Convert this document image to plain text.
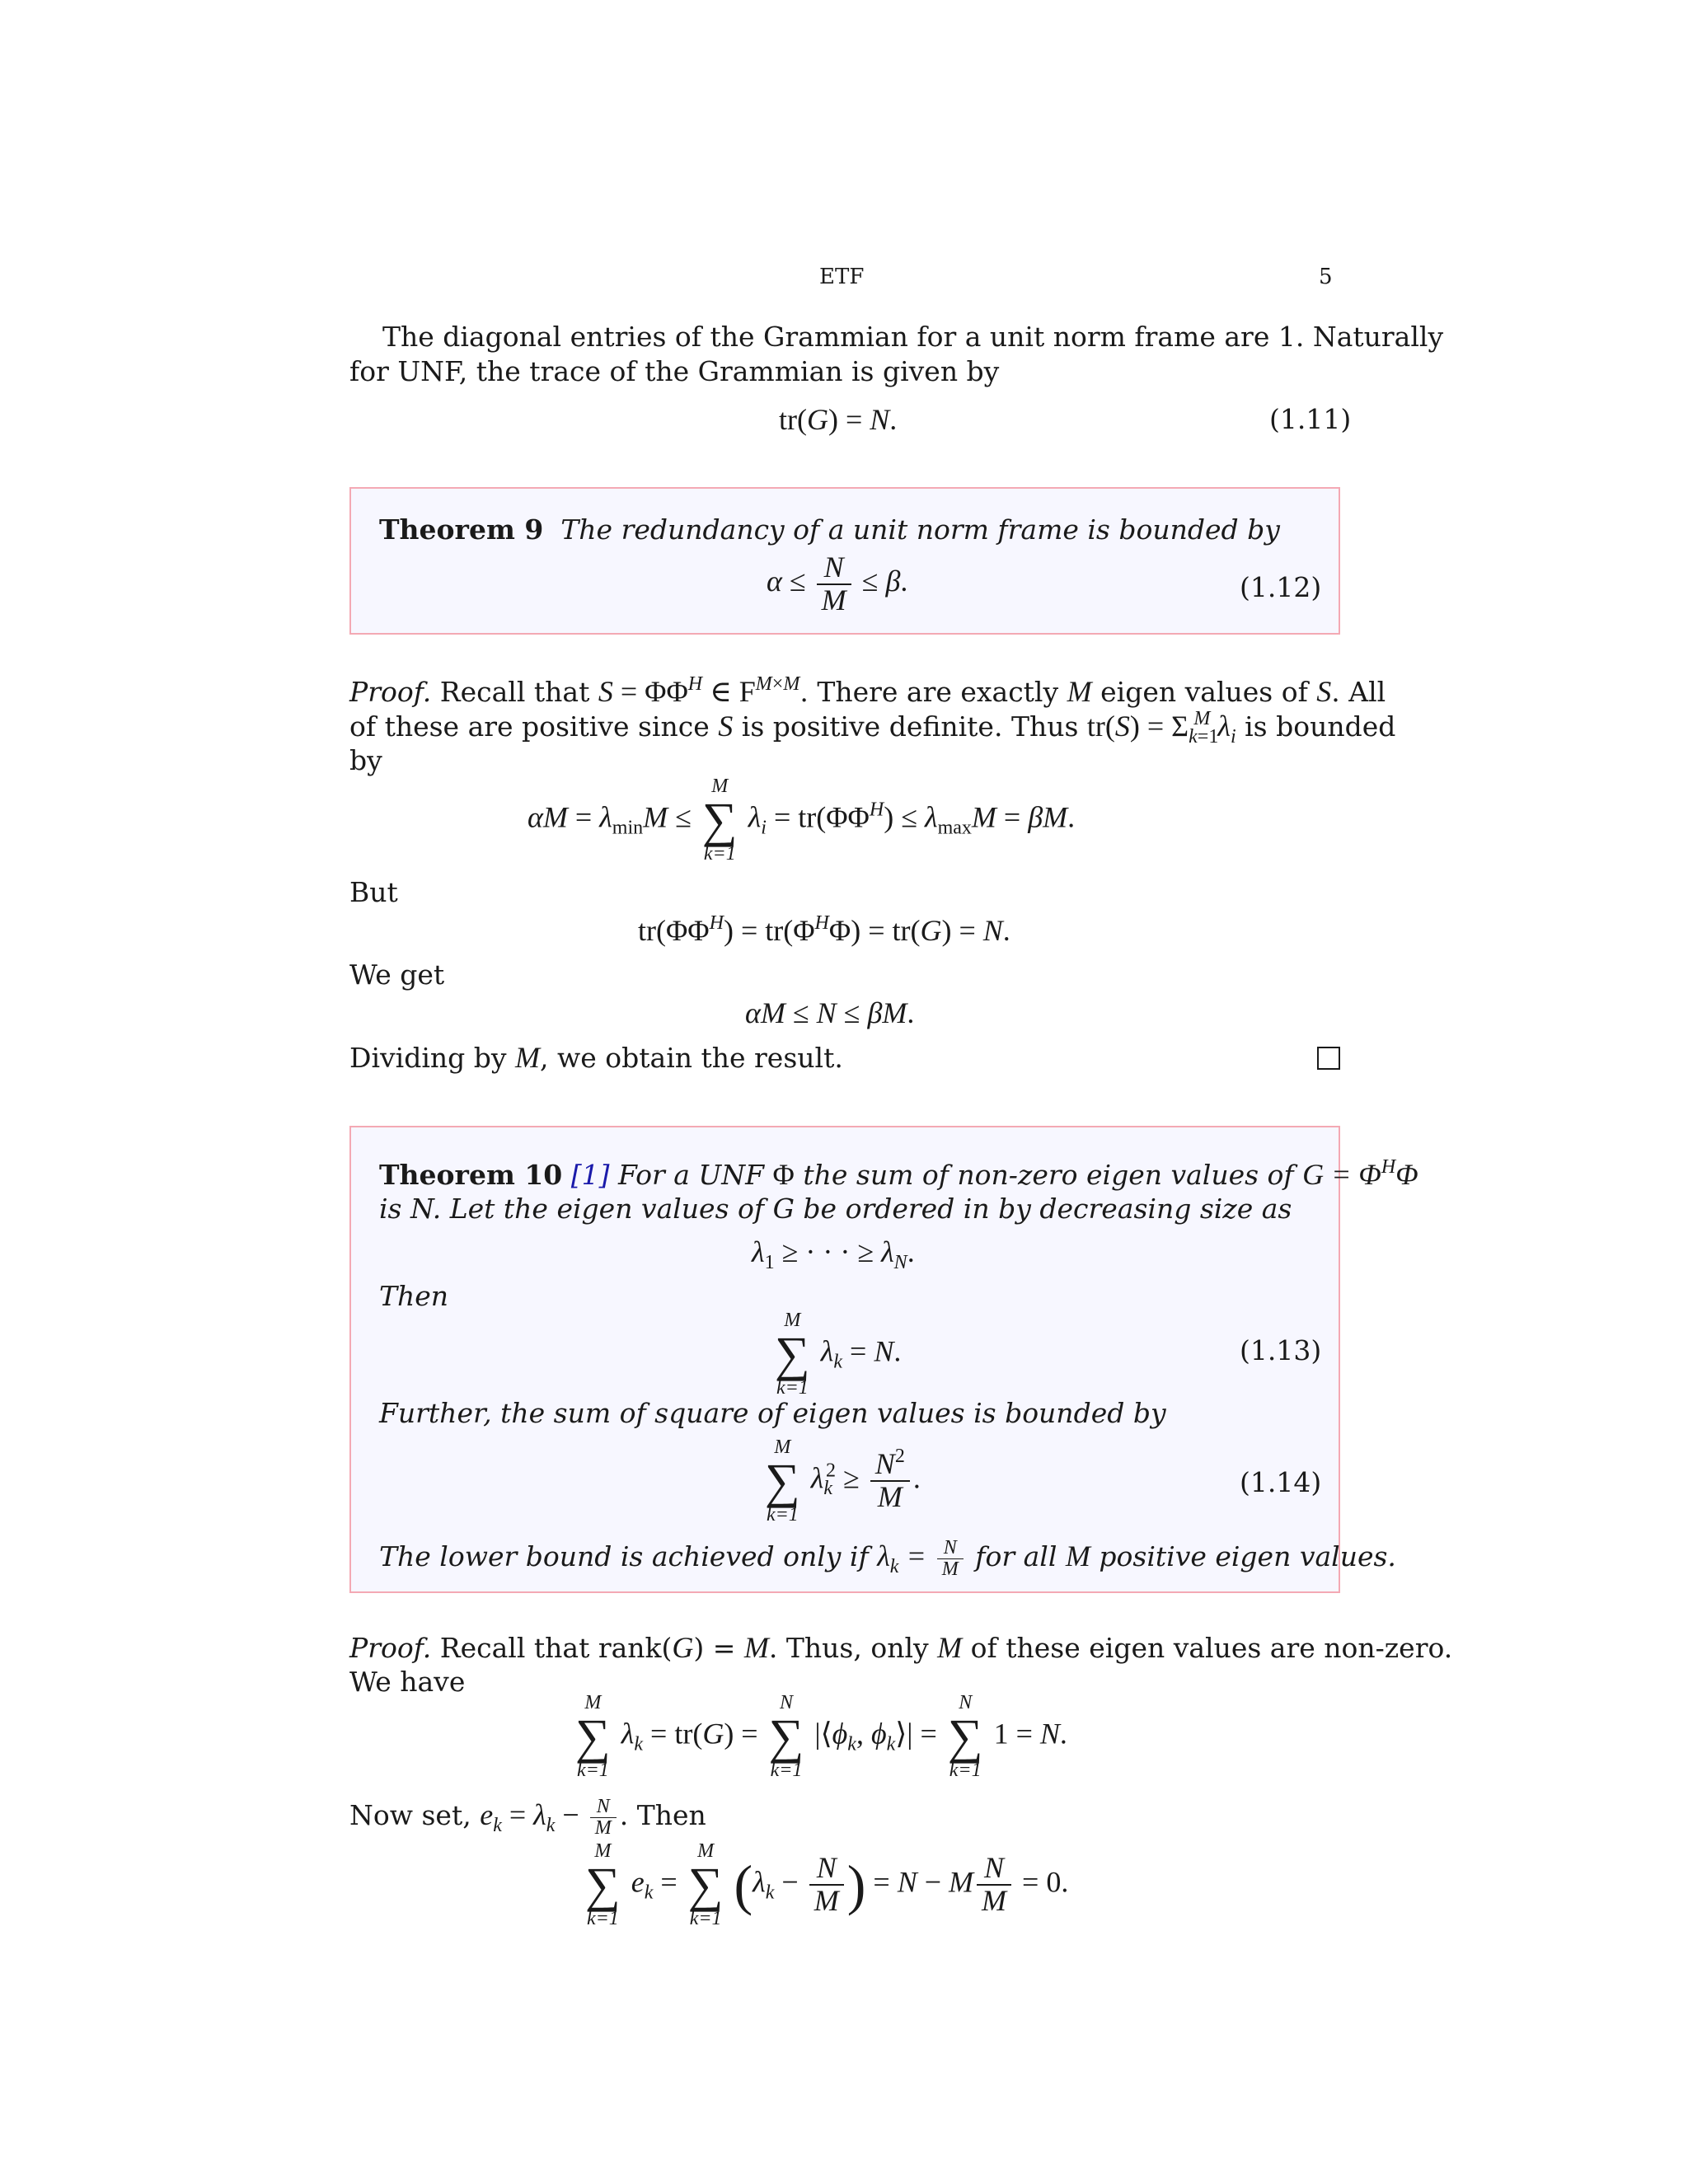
ETF	5
The diagonal entries of the Grammian for a unit norm frame are 1. Naturally
for UNF, the trace of the Grammian is given by
tr(G) = N.	(1.11)
Theorem 9 The redundancy of a unit norm frame is bounded by
$\alpha \le \frac{N}{M} \le \beta$.	(1.12)
Proof. Recall that $S = \Phi\Phi^H$ ∈ $F^{M\times M}$. There are exactly M eigen values of S. All
of these are positive since S is positive definite. Thus $tr(S) = \Sigma_{k=1}^M$ $\lambda_i$ is bounded
by
$\alpha M = \lambda_{min}M$ ≤
M
∑
k=1
$\lambda_i = tr(\Phi\Phi^H) \le \lambda_{max}M = \beta M$.
But
$tr(\Phi\Phi^H) = tr(\Phi^H\Phi) = tr(G) = N$.
We get
αM ≤ N ≤ βM.
Dividing by M, we obtain the result.
Theorem 10 [1] For a UNF Φ the sum of non-zero eigen values of $G = \Phi^H\Phi$
is N. Let the eigen values of G be ordered in by decreasing size as
$\lambda_1$ ≥ · · · ≥ $\lambda_N$.
Then
M
∑
k=1
$\lambda_k = N$.	(1.13)
Further, the sum of square of eigen values is bounded by
M
∑
k=1
$\lambda_k^2 \ge \frac{N^2}{M}$ .	(1.14)
The lower bound is achieved only if $\lambda_k = \frac{N}{M}$ for all M positive eigen values.
Proof. Recall that rank(G) = M. Thus, only M of these eigen values are non-zero.
We have
M
∑
k=1
$\lambda_k = tr(G)$ =
N
∑
k=1
$|⟨\phi_k$, $\phi_k⟩|$ =
N
∑
k=1
1 = N.
Now set, $e_k = \lambda_k - \frac{N}{M}$ . Then
M
∑
k=1
$e_k$ =
M
∑
k=1
($\lambda_k - \frac{N}{M}$ ) = N − M $\frac{N}{M} = 0$.
